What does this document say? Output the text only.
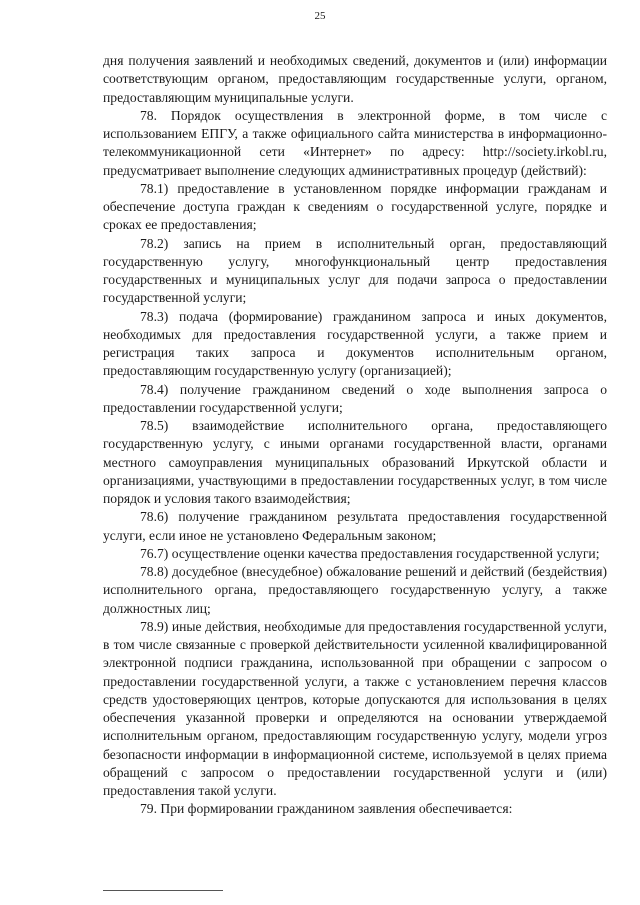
25

дня получения заявлений и необходимых сведений, документов и (или) информации соответствующим органом, предоставляющим государственные услуги, органом, предоставляющим муниципальные услуги.

78. Порядок осуществления в электронной форме, в том числе с использованием ЕПГУ, а также официального сайта министерства в информационно-телекоммуникационной сети «Интернет» по адресу: http://society.irkobl.ru, предусматривает выполнение следующих административных процедур (действий):

78.1) предоставление в установленном порядке информации гражданам и обеспечение доступа граждан к сведениям о государственной услуге, порядке и сроках ее предоставления;

78.2) запись на прием в исполнительный орган, предоставляющий государственную услугу, многофункциональный центр предоставления государственных и муниципальных услуг для подачи запроса о предоставлении государственной услуги;

78.3) подача (формирование) гражданином запроса и иных документов, необходимых для предоставления государственной услуги, а также прием и регистрация таких запроса и документов исполнительным органом, предоставляющим государственную услугу (организацией);

78.4) получение гражданином сведений о ходе выполнения запроса о предоставлении государственной услуги;

78.5) взаимодействие исполнительного органа, предоставляющего государственную услугу, с иными органами государственной власти, органами местного самоуправления муниципальных образований Иркутской области и организациями, участвующими в предоставлении государственных услуг, в том числе порядок и условия такого взаимодействия;

78.6) получение гражданином результата предоставления государственной услуги, если иное не установлено Федеральным законом;

76.7) осуществление оценки качества предоставления государственной услуги;

78.8) досудебное (внесудебное) обжалование решений и действий (бездействия) исполнительного органа, предоставляющего государственную услугу, а также должностных лиц;

78.9) иные действия, необходимые для предоставления государственной услуги, в том числе связанные с проверкой действительности усиленной квалифицированной электронной подписи гражданина, использованной при обращении с запросом о предоставлении государственной услуги, а также с установлением перечня классов средств удостоверяющих центров, которые допускаются для использования в целях обеспечения указанной проверки и определяются на основании утверждаемой исполнительным органом, предоставляющим государственную услугу, модели угроз безопасности информации в информационной системе, используемой в целях приема обращений с запросом о предоставлении государственной услуги и (или) предоставления такой услуги.

79. При формировании гражданином заявления обеспечивается:
